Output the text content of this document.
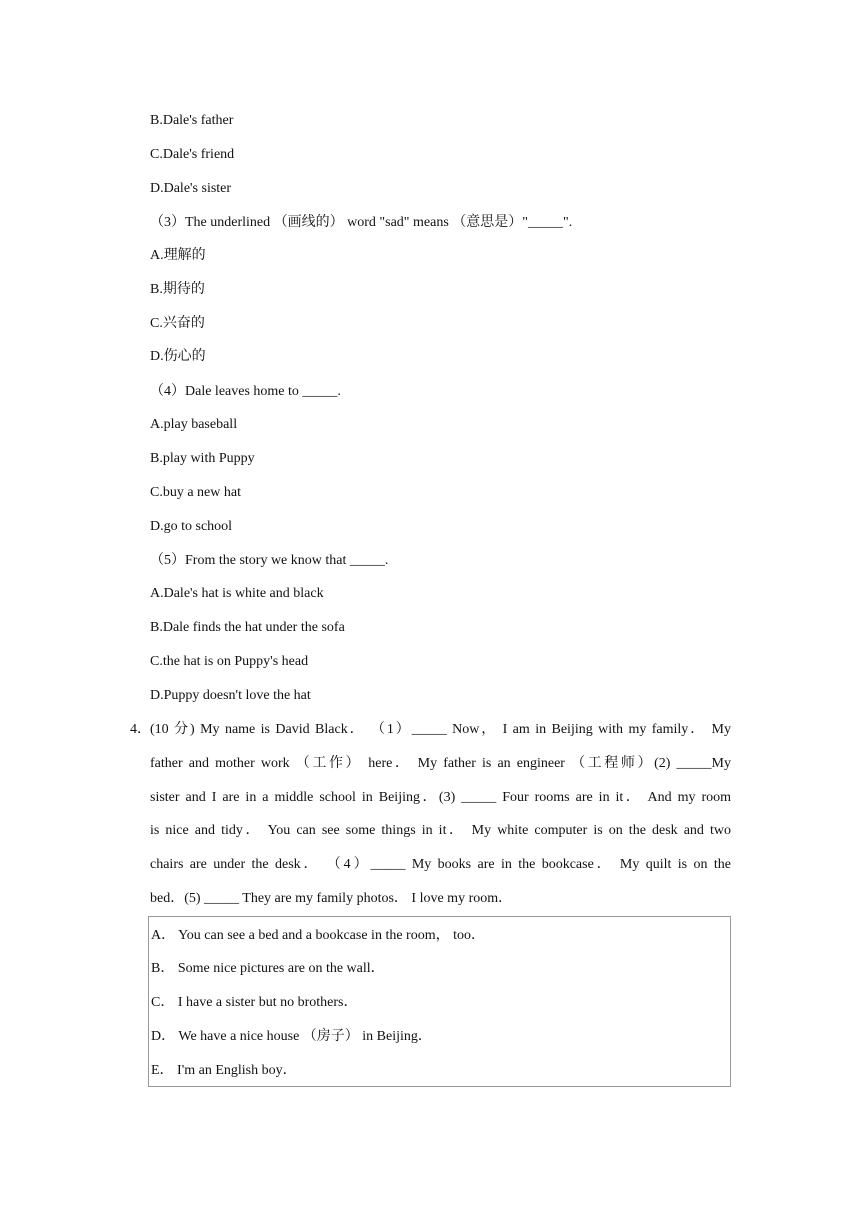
B.Dale's father
C.Dale's friend
D.Dale's sister
（3）The underlined （画线的） word "sad" means （意思是）"_____".
A.理解的
B.期待的
C.兴奋的
D.伤心的
（4）Dale leaves home to _____.
A.play baseball
B.play with Puppy
C.buy a new hat
D.go to school
（5）From the story we know that _____.
A.Dale's hat is white and black
B.Dale finds the hat under the sofa
C.the hat is on Puppy's head
D.Puppy doesn't love the hat
4． (10 分) My name is David Black． （1）_____ Now， I am in Beijing with my family． My
father and mother work （工作） here． My father is an engineer （工程师）(2) _____My
sister and I are in a middle school in Beijing．(3) _____ Four rooms are in it． And my room
is nice and tidy． You can see some things in it． My white computer is on the desk and two
chairs are under the desk． （4）_____ My books are in the bookcase． My quilt is on the
bed．(5) _____ They are my family photos． I love my room．
A． You can see a bed and a bookcase in the room， too．
B． Some nice pictures are on the wall．
C． I have a sister but no brothers．
D． We have a nice house （房子） in Beijing．
E． I'm an English boy．
